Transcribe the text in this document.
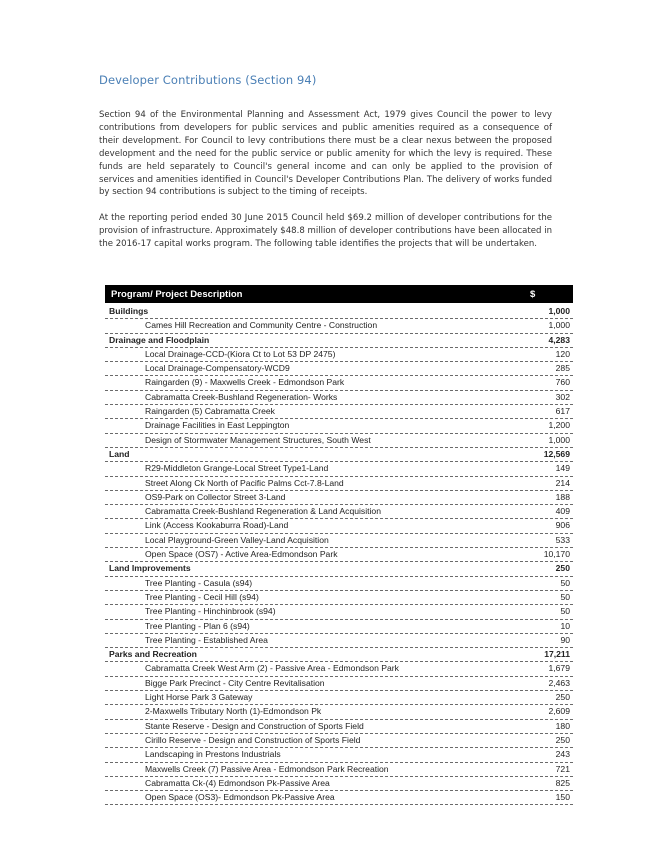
Developer Contributions (Section 94)
Section 94 of the Environmental Planning and Assessment Act, 1979 gives Council the power to levy contributions from developers for public services and public amenities required as a consequence of their development. For Council to levy contributions there must be a clear nexus between the proposed development and the need for the public service or public amenity for which the levy is required. These funds are held separately to Council's general income and can only be applied to the provision of services and amenities identified in Council's Developer Contributions Plan. The delivery of works funded by section 94 contributions is subject to the timing of receipts.
At the reporting period ended 30 June 2015 Council held $69.2 million of developer contributions for the provision of infrastructure. Approximately $48.8 million of developer contributions have been allocated in the 2016-17 capital works program. The following table identifies the projects that will be undertaken.
Program/ Project Description	$
Buildings	1,000
Cames Hill Recreation and Community Centre - Construction	1,000
Drainage and Floodplain	4,283
Local Drainage-CCD-(Kiora Ct to Lot 53 DP 2475)	120
Local Drainage-Compensatory-WCD9	285
Raingarden (9) - Maxwells Creek - Edmondson Park	760
Cabramatta Creek-Bushland Regeneration- Works	302
Raingarden (5) Cabramatta Creek	617
Drainage Facilities in East Leppington	1,200
Design of Stormwater Management Structures, South West	1,000
Land	12,569
R29-Middleton Grange-Local Street Type1-Land	149
Street Along Ck North of Pacific Palms Cct-7.8-Land	214
OS9-Park on Collector Street 3-Land	188
Cabramatta Creek-Bushland Regeneration & Land Acquisition	409
Link (Access Kookaburra Road)-Land	906
Local Playground-Green Valley-Land Acquisition	533
Open Space (OS7) - Active Area-Edmondson Park	10,170
Land Improvements	250
Tree Planting - Casula (s94)	50
Tree Planting - Cecil Hill (s94)	50
Tree Planting - Hinchinbrook (s94)	50
Tree Planting - Plan 6 (s94)	10
Tree Planting - Established Area	90
Parks and Recreation	17,211
Cabramatta Creek West Arm (2) - Passive Area - Edmondson Park	1,679
Bigge Park Precinct - City Centre Revitalisation	2,463
Light Horse Park 3 Gateway	250
2-Maxwells Tributary North (1)-Edmondson Pk	2,609
Stante Reserve - Design and Construction of Sports Field	180
Cirillo Reserve - Design and Construction of Sports Field	250
Landscaping in Prestons Industrials	243
Maxwells Creek (7) Passive Area - Edmondson Park Recreation	721
Cabramatta Ck-(4) Edmondson Pk-Passive Area	825
Open Space (OS3)- Edmondson Pk-Passive Area	150
